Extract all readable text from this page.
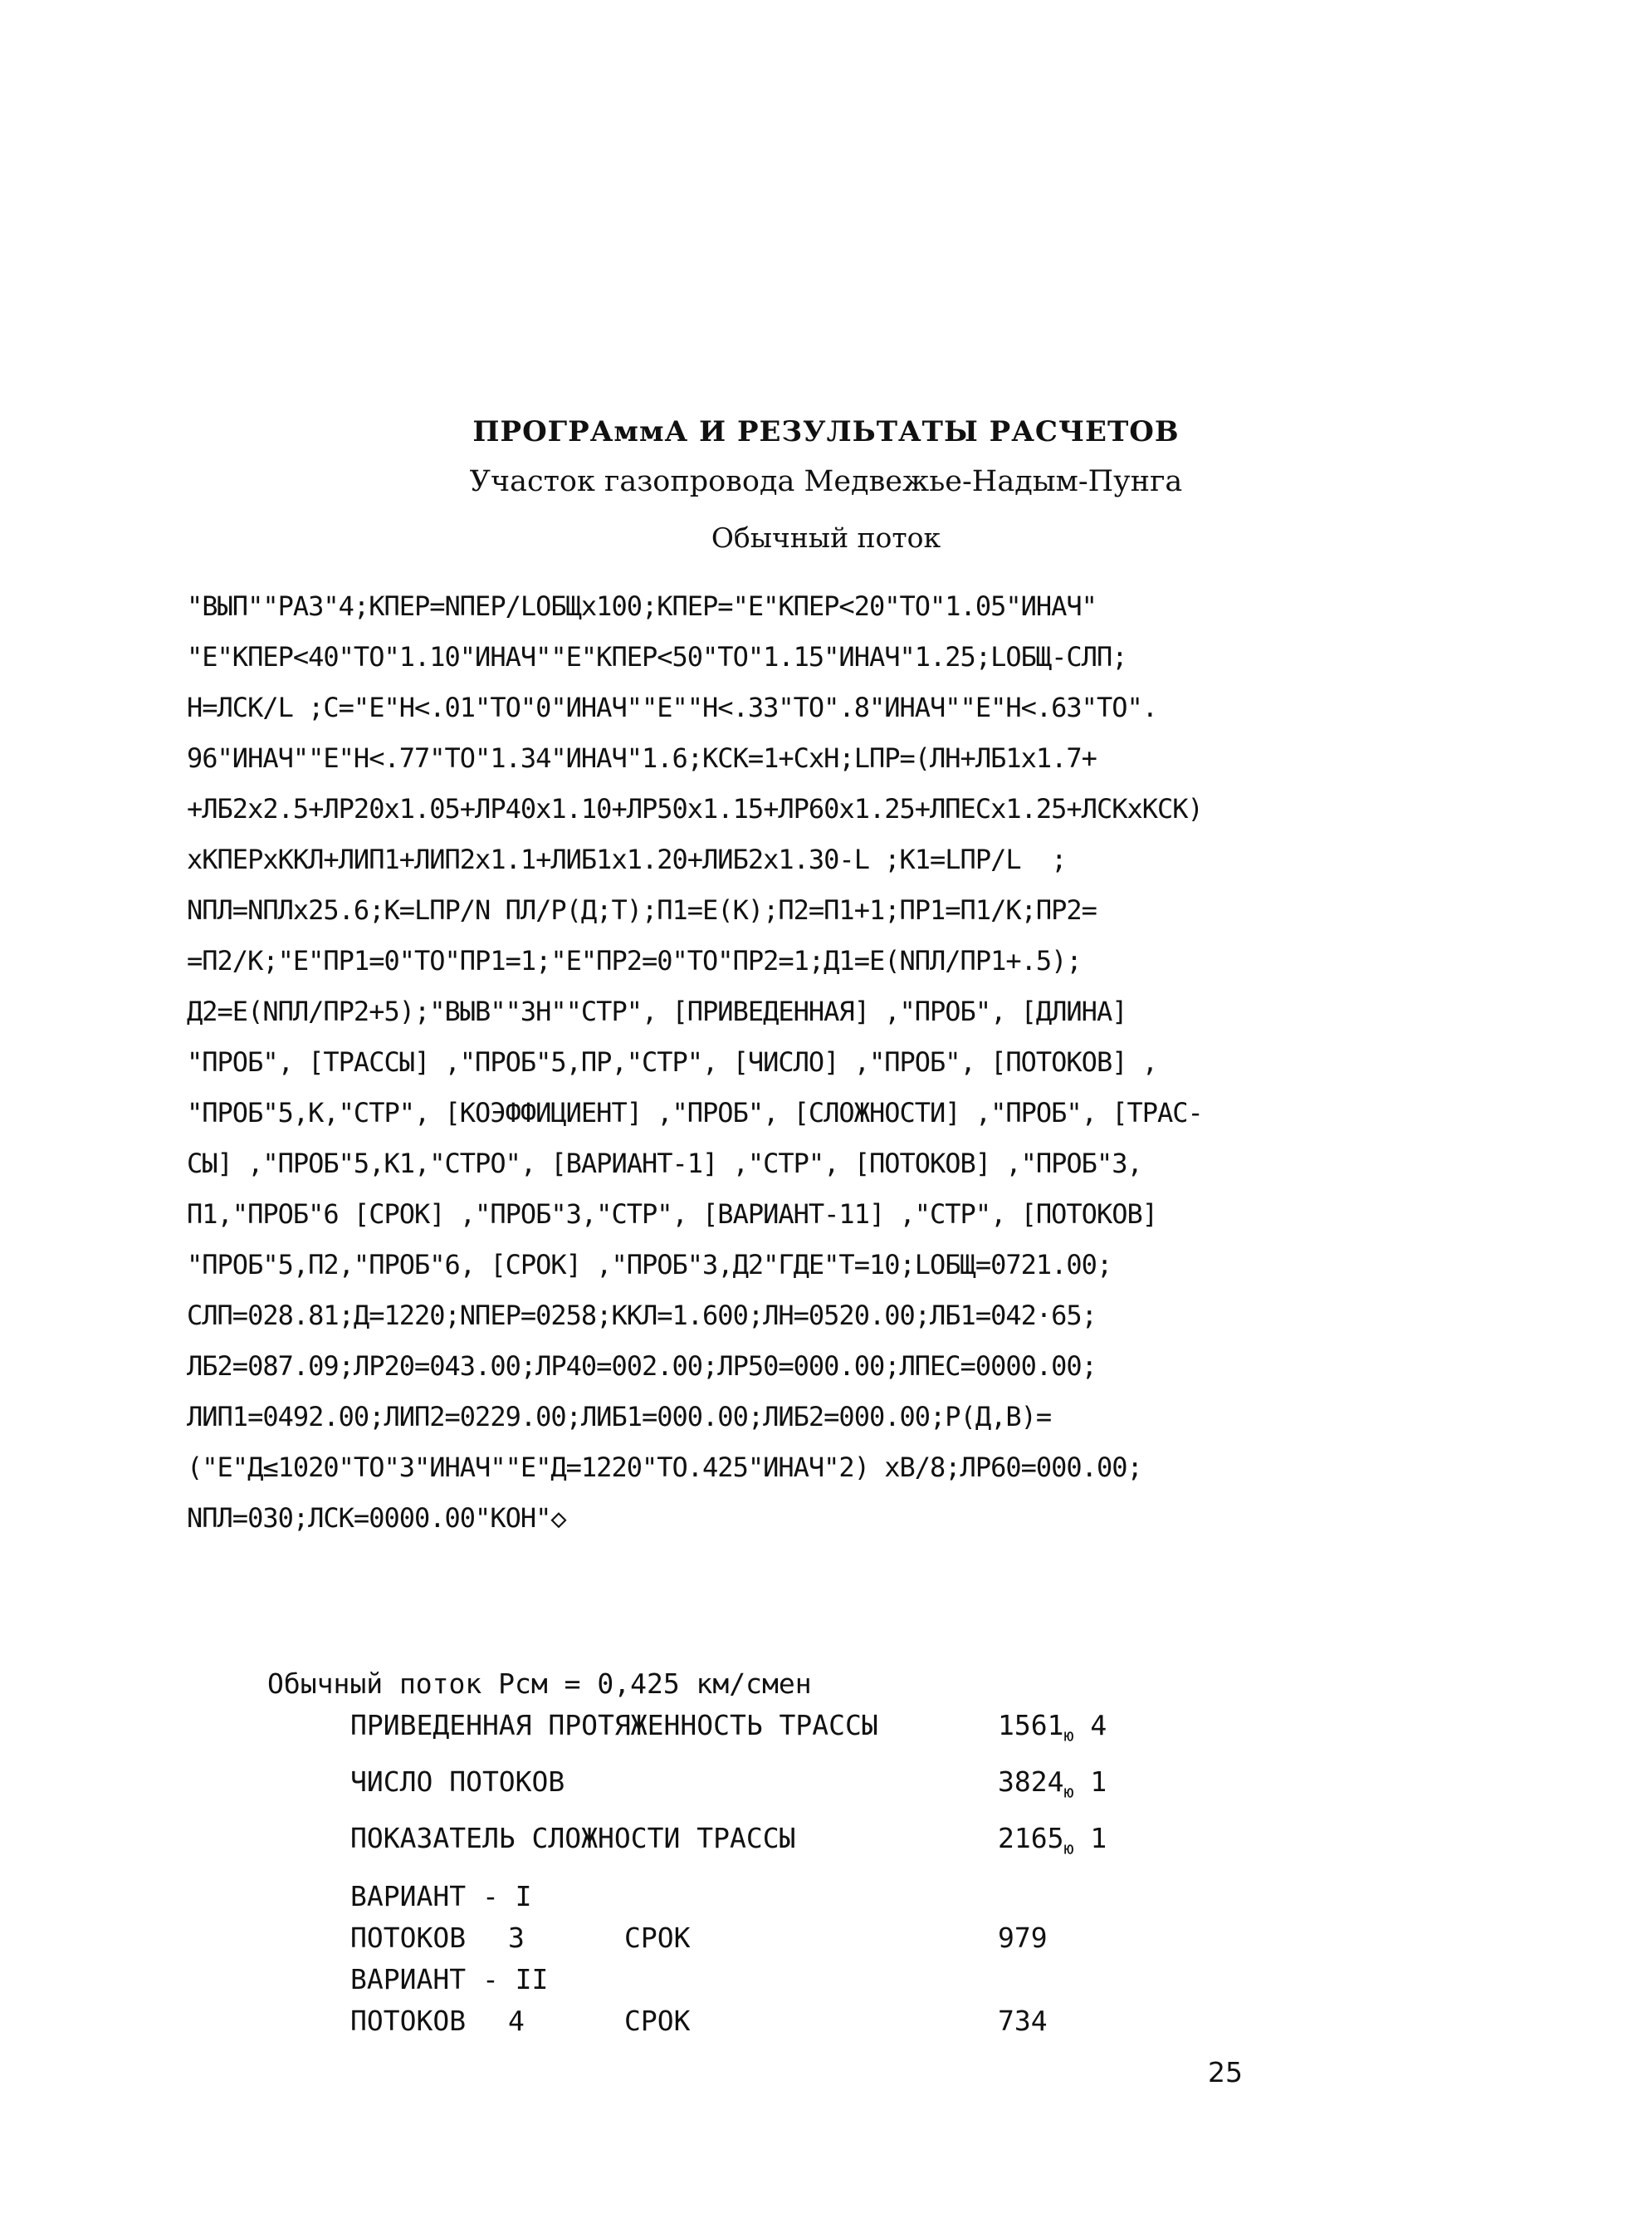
ПРОГРАммА И РЕЗУЛЬТАТЫ РАСЧЕТОВ
Участок газопровода Медвежье-Надым-Пунга
Обычный поток
"ВЫП""РАЗ"4;КПЕР=NПЕР/LОБЩх100;КПЕР="Е"КПЕР<20"ТО"1.05"ИНАЧ"
"Е"КПЕР<40"ТО"1.10"ИНАЧ""Е"КПЕР<50"ТО"1.15"ИНАЧ"1.25;LОБЩ-СЛП;
Н=ЛСК/L ;С="Е"Н<.01"ТО"0"ИНАЧ""Е""Н<.33"ТО".8"ИНАЧ""Е"Н<.63"ТО".
96"ИНАЧ""Е"Н<.77"ТО"1.34"ИНАЧ"1.6;КСК=1+СхН;LПР=(ЛН+ЛБ1х1.7+
+ЛБ2х2.5+ЛР20х1.05+ЛР40х1.10+ЛР50х1.15+ЛР60х1.25+ЛПЕСх1.25+ЛСКхКСК)
хКПЕРхККЛ+ЛИП1+ЛИП2х1.1+ЛИБ1х1.20+ЛИБ2х1.30-L ;К1=LПР/L  ;
NПЛ=NПЛх25.6;К=LПР/N ПЛ/Р(Д;Т);П1=Е(К);П2=П1+1;ПР1=П1/К;ПР2=
=П2/К;"Е"ПР1=0"ТО"ПР1=1;"Е"ПР2=0"ТО"ПР2=1;Д1=Е(NПЛ/ПР1+.5);
Д2=Е(NПЛ/ПР2+5);"ВЫВ""ЗН""СТР", [ПРИВЕДЕННАЯ] ,"ПРОБ", [ДЛИНА]
"ПРОБ", [ТРАССЫ] ,"ПРОБ"5,ПР,"СТР", [ЧИСЛО] ,"ПРОБ", [ПОТОКОВ] ,
"ПРОБ"5,К,"СТР", [КОЭФФИЦИЕНТ] ,"ПРОБ", [СЛОЖНОСТИ] ,"ПРОБ", [ТРАС-
СЫ] ,"ПРОБ"5,К1,"СТРО", [ВАРИАНТ-1] ,"СТР", [ПОТОКОВ] ,"ПРОБ"3,
П1,"ПРОБ"6 [СРОК] ,"ПРОБ"3,"СТР", [ВАРИАНТ-11] ,"СТР", [ПОТОКОВ]
"ПРОБ"5,П2,"ПРОБ"6, [СРОК] ,"ПРОБ"3,Д2"ГДЕ"Т=10;LОБЩ=0721.00;
СЛП=028.81;Д=1220;NПЕР=0258;ККЛ=1.600;ЛН=0520.00;ЛБ1=042·65;
ЛБ2=087.09;ЛР20=043.00;ЛР40=002.00;ЛР50=000.00;ЛПЕС=0000.00;
ЛИП1=0492.00;ЛИП2=0229.00;ЛИБ1=000.00;ЛИБ2=000.00;Р(Д,В)=
("Е"Д≤1020"ТО"3"ИНАЧ""Е"Д=1220"ТО.425"ИНАЧ"2) хВ/8;ЛР60=000.00;
NПЛ=030;ЛСК=0000.00"КОН"◇
Обычный поток Рсм = 0,425 км/смен
ПРИВЕДЕННАЯ ПРОТЯЖЕННОСТЬ ТРАССЫ	$1561_ю$ 4
ЧИСЛО ПОТОКОВ	$3824_ю$ 1
ПОКАЗАТЕЛЬ СЛОЖНОСТИ ТРАССЫ	$2165_ю$ 1
ВАРИАНТ - I
ПОТОКОВ 3	СРОК	979
ВАРИАНТ - II
ПОТОКОВ 4	СРОК	734
25
